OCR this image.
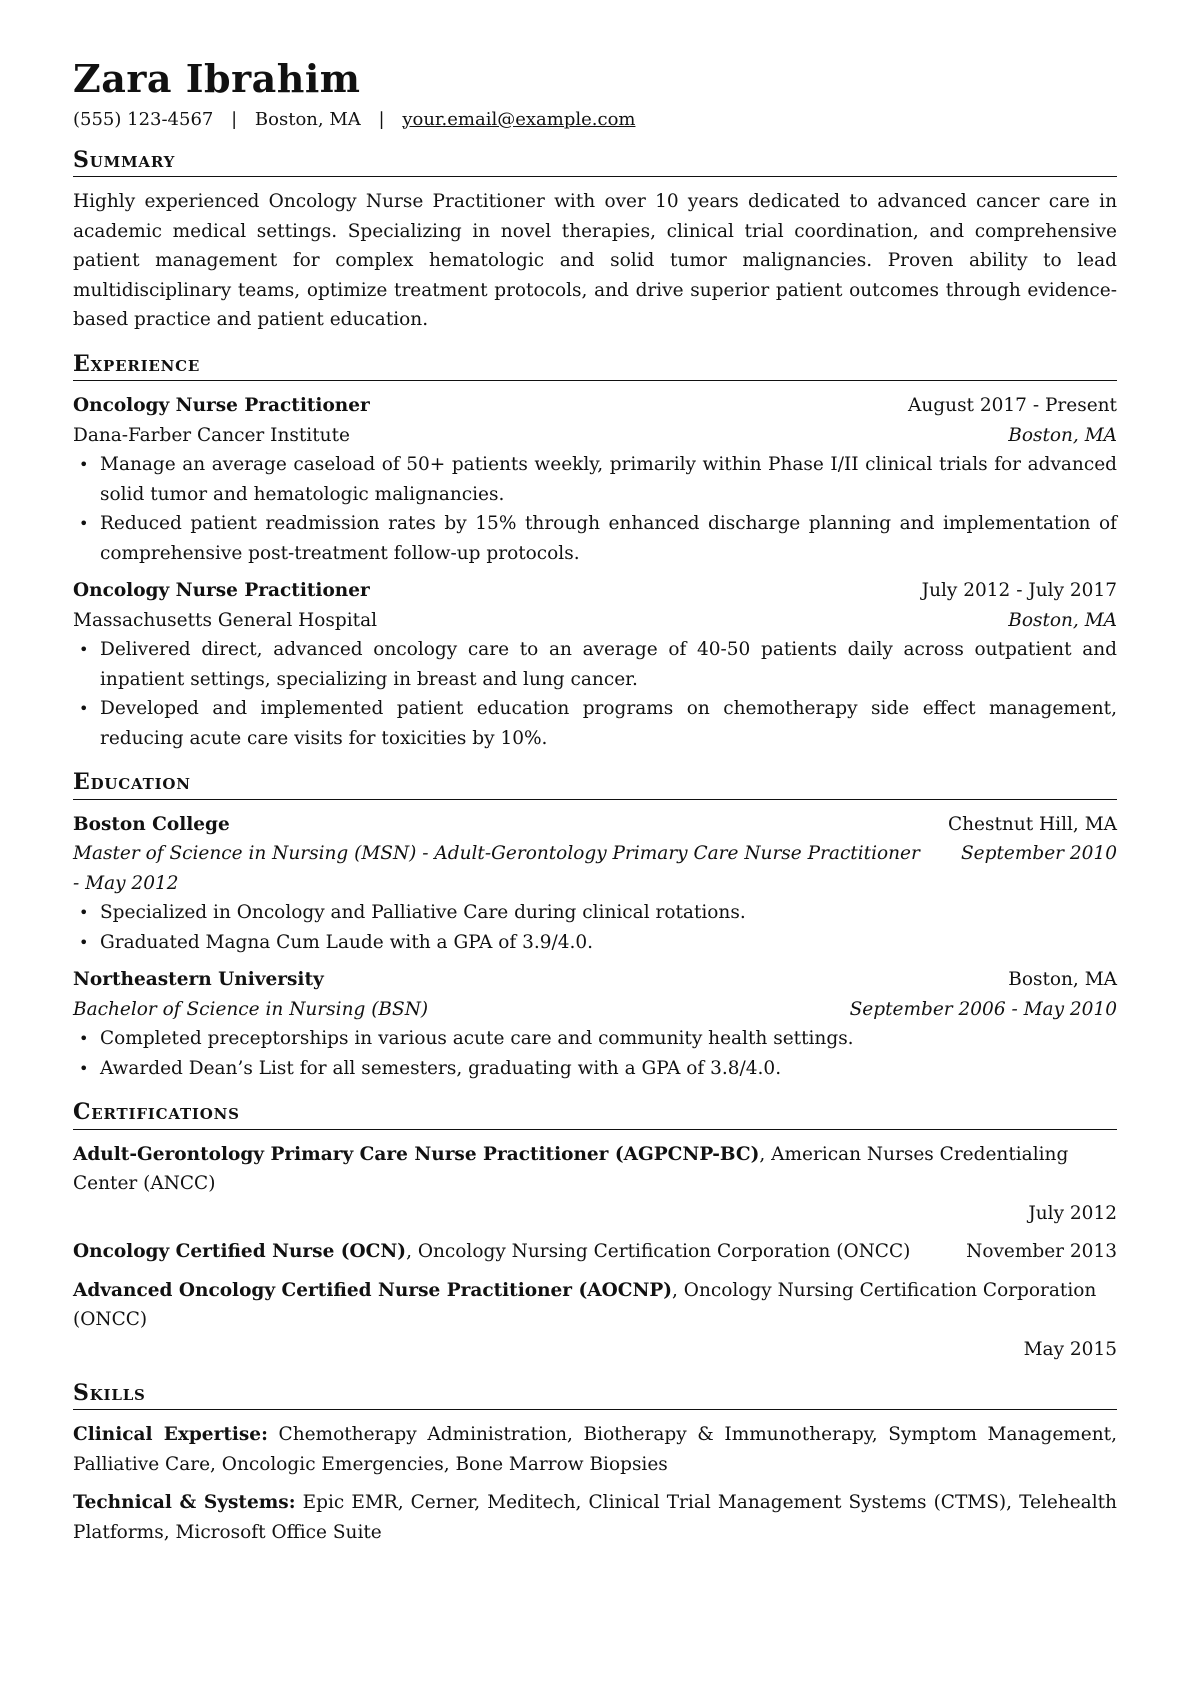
Zara Ibrahim
(555) 123-4567 | Boston, MA | your.email@example.com
Summary

Highly experienced Oncology Nurse Practitioner with over 10 years dedicated to advanced cancer care in academic medical settings. Specializing in novel therapies, clinical trial coordination, and comprehensive patient management for complex hematologic and solid tumor malignancies. Proven ability to lead multidisciplinary teams, optimize treatment protocols, and drive superior patient outcomes through evidence-based practice and patient education.

Experience
Oncology Nurse Practitioner	August 2017 - Present
Dana-Farber Cancer Institute	Boston, MA
• Manage an average caseload of 50+ patients weekly, primarily within Phase I/II clinical trials for advanced solid tumor and hematologic malignancies.
• Reduced patient readmission rates by 15% through enhanced discharge planning and implementation of comprehensive post-treatment follow-up protocols.
Oncology Nurse Practitioner	July 2012 - July 2017
Massachusetts General Hospital	Boston, MA
• Delivered direct, advanced oncology care to an average of 40-50 patients daily across outpatient and inpatient settings, specializing in breast and lung cancer.
• Developed and implemented patient education programs on chemotherapy side effect management, reducing acute care visits for toxicities by 10%.
Education
Boston College	Chestnut Hill, MA
Master of Science in Nursing (MSN) - Adult-Gerontology Primary Care Nurse Practitioner	September 2010
- May 2012
• Specialized in Oncology and Palliative Care during clinical rotations.
• Graduated Magna Cum Laude with a GPA of 3.9/4.0.
Northeastern University	Boston, MA
Bachelor of Science in Nursing (BSN)	September 2006 - May 2010
• Completed preceptorships in various acute care and community health settings.
• Awarded Dean’s List for all semesters, graduating with a GPA of 3.8/4.0.
Certifications
Adult-Gerontology Primary Care Nurse Practitioner (AGPCNP-BC), American Nurses Credentialing Center (ANCC)
July 2012
Oncology Certified Nurse (OCN), Oncology Nursing Certification Corporation (ONCC)	November 2013
Advanced Oncology Certified Nurse Practitioner (AOCNP), Oncology Nursing Certification Corporation (ONCC)
May 2015
Skills
Clinical Expertise: Chemotherapy Administration, Biotherapy & Immunotherapy, Symptom Management, Palliative Care, Oncologic Emergencies, Bone Marrow Biopsies
Technical & Systems: Epic EMR, Cerner, Meditech, Clinical Trial Management Systems (CTMS), Telehealth Platforms, Microsoft Office Suite
